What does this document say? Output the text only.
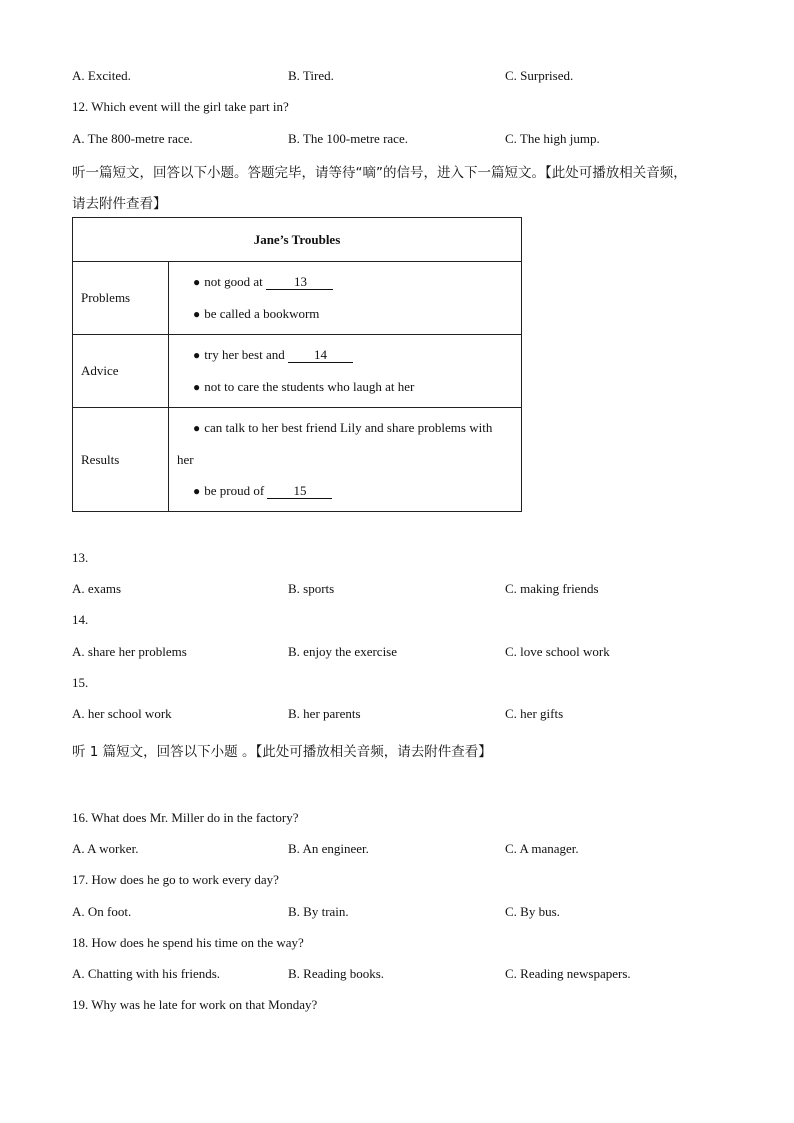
A. Excited.	B. Tired.	C. Surprised.
12. Which event will the girl take part in?
A. The 800-metre race.	B. The 100-metre race.	C. The high jump.
听一篇短文，回答以下小题。答题完毕，请等待“嘀”的信号，进入下一篇短文。【此处可播放相关音频，
请去附件查看】
Jane’s Troubles	
Problems	● not good at 13
● be called a bookworm

Advice	● try her best and 14
● not to care the students who laugh at her

Results	● can talk to her best friend Lily and share problems with
her
● be proud of 15
13.
A. exams	B. sports	C. making friends
14.
A. share her problems	B. enjoy the exercise	C. love school work
15.
A. her school work	B. her parents	C. her gifts
听 1 篇短文，回答以下小题 。【此处可播放相关音频，请去附件查看】
16. What does Mr. Miller do in the factory?
A. A worker.	B. An engineer.	C. A manager.
17. How does he go to work every day?
A. On foot.	B. By train.	C. By bus.
18. How does he spend his time on the way?
A. Chatting with his friends.	B. Reading books.	C. Reading newspapers.
19. Why was he late for work on that Monday?
